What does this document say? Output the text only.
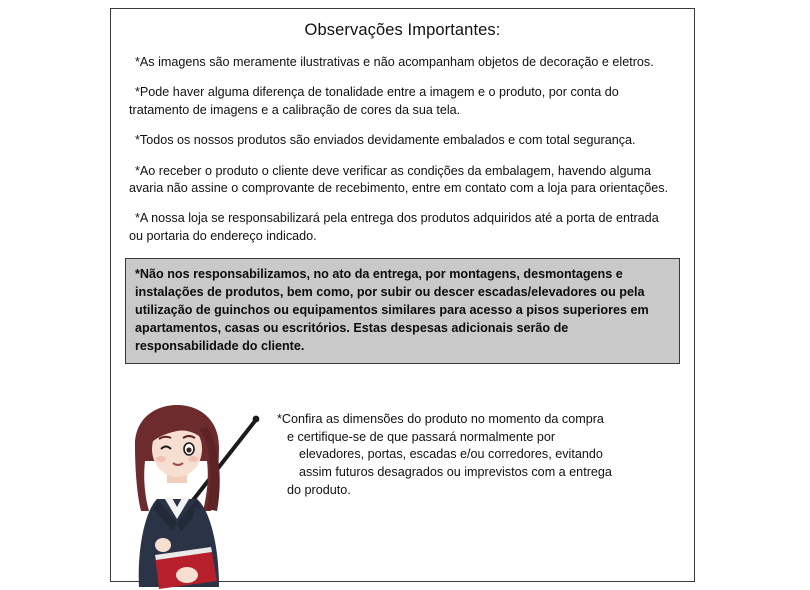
Observações Importantes:
*As imagens são meramente ilustrativas e não acompanham objetos de decoração e eletros.
*Pode haver alguma diferença de tonalidade entre a imagem e o produto, por conta do tratamento de imagens e a calibração de cores da sua tela.
*Todos os nossos produtos são enviados devidamente embalados e com total segurança.
*Ao receber o produto o cliente deve verificar as condições da embalagem, havendo alguma avaria não assine o comprovante de recebimento, entre em contato com a loja para orientações.
*A nossa loja se responsabilizará pela entrega dos produtos adquiridos até a porta de entrada ou portaria do endereço indicado.
*Não nos responsabilizamos, no ato da entrega, por montagens, desmontagens e instalações de produtos, bem como, por subir ou descer escadas/elevadores ou pela utilização de guinchos ou equipamentos similares para acesso a pisos superiores em apartamentos, casas ou escritórios. Estas despesas adicionais serão de responsabilidade do cliente.
*Confira as dimensões do produto no momento da compra
e certifique-se de que passará normalmente por
elevadores, portas, escadas e/ou corredores, evitando
assim futuros desagrados ou imprevistos com a entrega
do produto.
